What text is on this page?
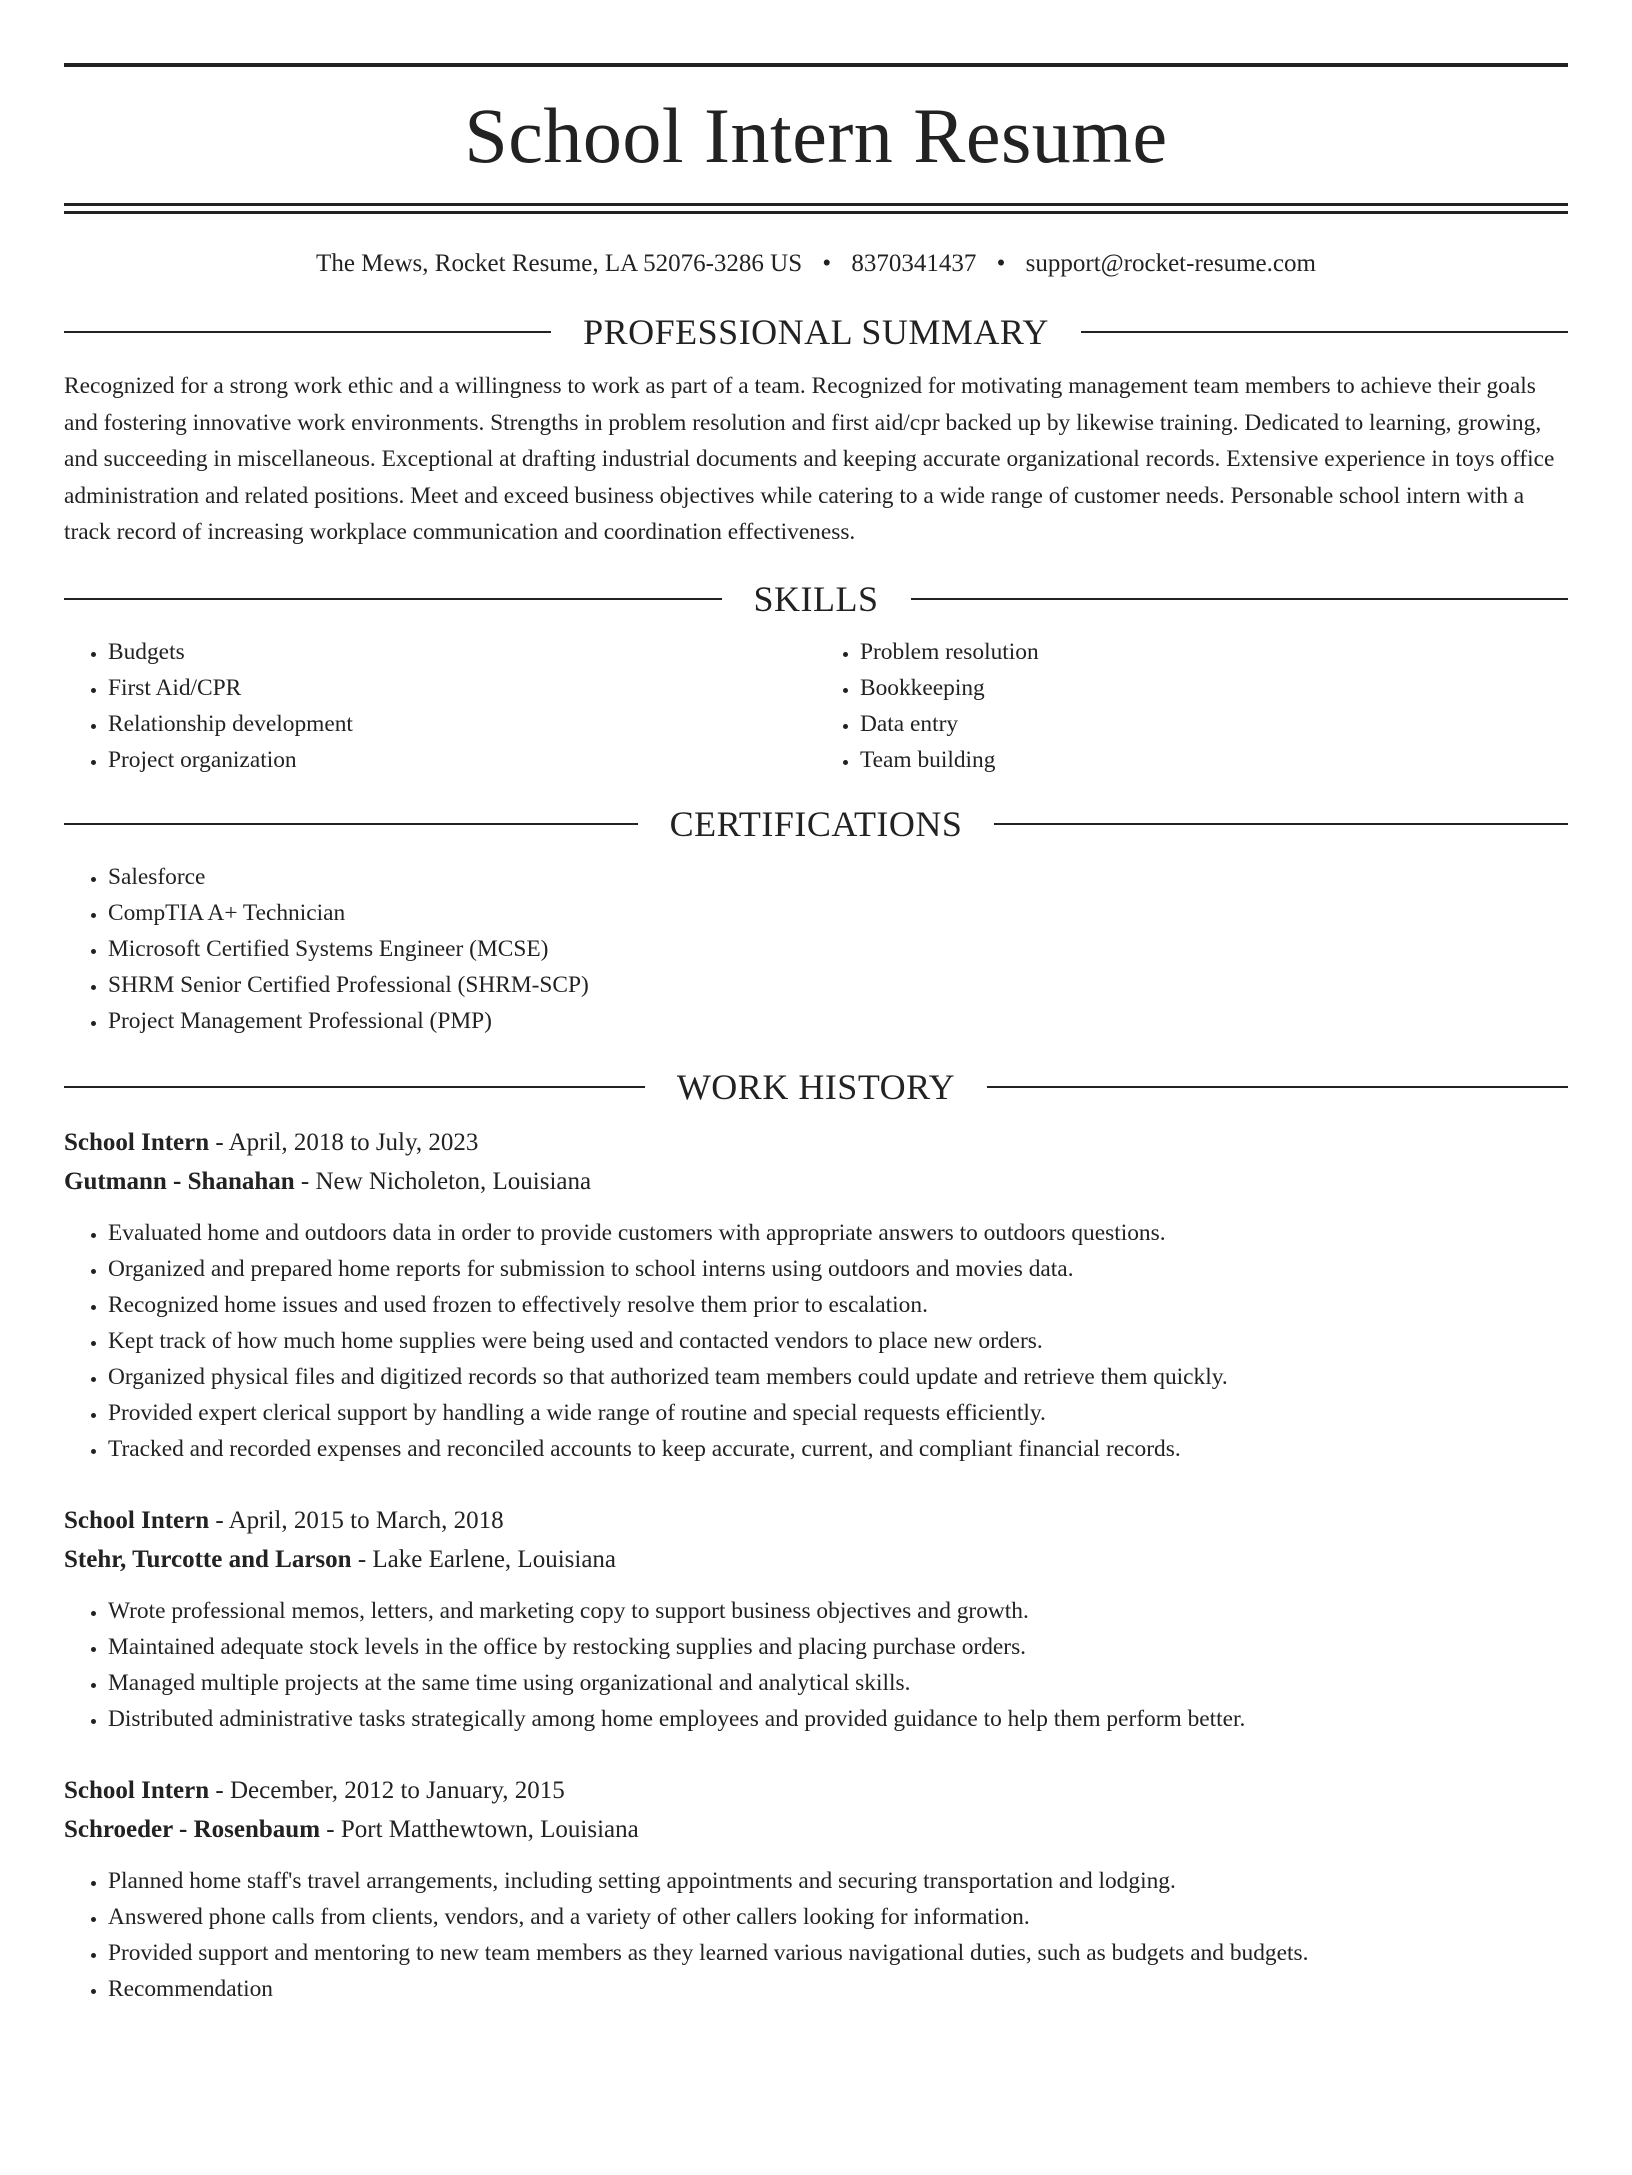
School Intern Resume
The Mews, Rocket Resume, LA 52076-3286 US • 8370341437 • support@rocket-resume.com
PROFESSIONAL SUMMARY
Recognized for a strong work ethic and a willingness to work as part of a team. Recognized for motivating management team members to achieve their goals and fostering innovative work environments. Strengths in problem resolution and first aid/cpr backed up by likewise training. Dedicated to learning, growing, and succeeding in miscellaneous. Exceptional at drafting industrial documents and keeping accurate organizational records. Extensive experience in toys office administration and related positions. Meet and exceed business objectives while catering to a wide range of customer needs. Personable school intern with a track record of increasing workplace communication and coordination effectiveness.
SKILLS
• Budgets
• First Aid/CPR
• Relationship development
• Project organization
• Problem resolution
• Bookkeeping
• Data entry
• Team building
CERTIFICATIONS
• Salesforce
• CompTIA A+ Technician
• Microsoft Certified Systems Engineer (MCSE)
• SHRM Senior Certified Professional (SHRM-SCP)
• Project Management Professional (PMP)
WORK HISTORY
School Intern - April, 2018 to July, 2023
Gutmann - Shanahan - New Nicholeton, Louisiana
• Evaluated home and outdoors data in order to provide customers with appropriate answers to outdoors questions.
• Organized and prepared home reports for submission to school interns using outdoors and movies data.
• Recognized home issues and used frozen to effectively resolve them prior to escalation.
• Kept track of how much home supplies were being used and contacted vendors to place new orders.
• Organized physical files and digitized records so that authorized team members could update and retrieve them quickly.
• Provided expert clerical support by handling a wide range of routine and special requests efficiently.
• Tracked and recorded expenses and reconciled accounts to keep accurate, current, and compliant financial records.
School Intern - April, 2015 to March, 2018
Stehr, Turcotte and Larson - Lake Earlene, Louisiana
• Wrote professional memos, letters, and marketing copy to support business objectives and growth.
• Maintained adequate stock levels in the office by restocking supplies and placing purchase orders.
• Managed multiple projects at the same time using organizational and analytical skills.
• Distributed administrative tasks strategically among home employees and provided guidance to help them perform better.
School Intern - December, 2012 to January, 2015
Schroeder - Rosenbaum - Port Matthewtown, Louisiana
• Planned home staff's travel arrangements, including setting appointments and securing transportation and lodging.
• Answered phone calls from clients, vendors, and a variety of other callers looking for information.
• Provided support and mentoring to new team members as they learned various navigational duties, such as budgets and budgets.
• Recommendation
